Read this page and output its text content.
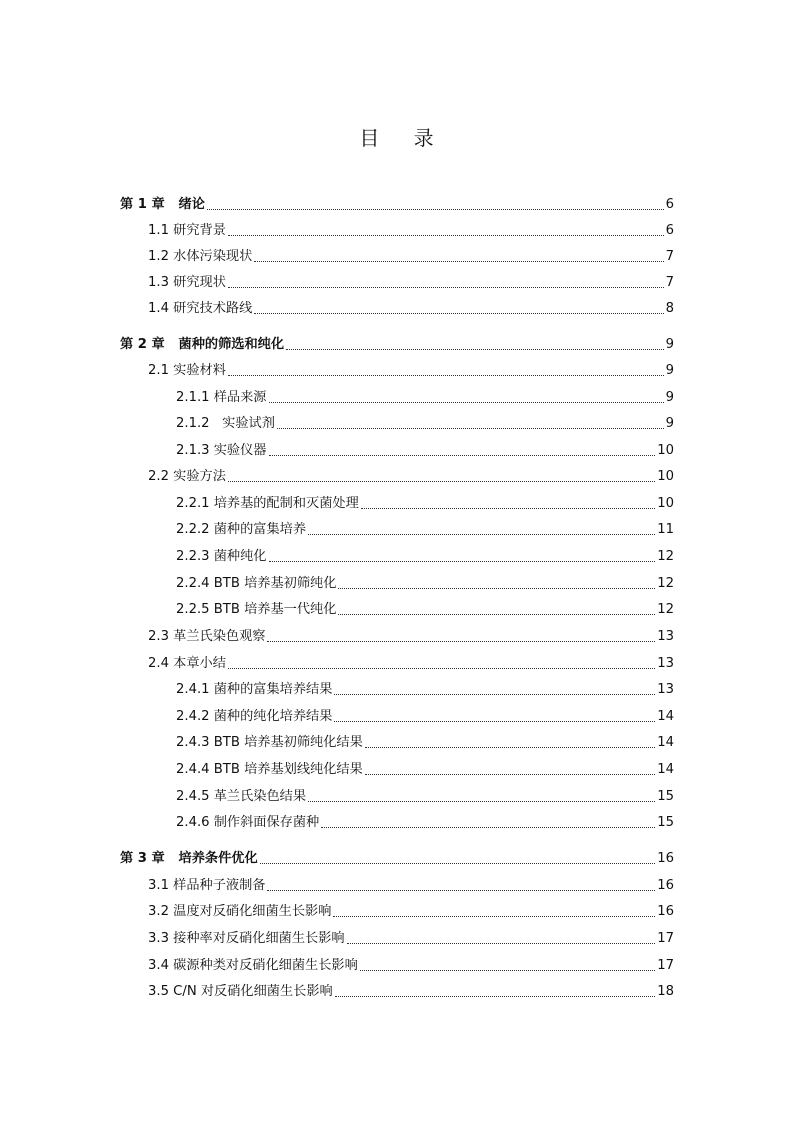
目 录
第 1 章   绪论	6
1.1 研究背景	6
1.2 水体污染现状	7
1.3 研究现状	7
1.4 研究技术路线	8
第 2 章   菌种的筛选和纯化	9
2.1 实验材料	9
2.1.1 样品来源	9
2.1.2   实验试剂	9
2.1.3 实验仪器	10
2.2 实验方法	10
2.2.1 培养基的配制和灭菌处理	10
2.2.2 菌种的富集培养	11
2.2.3 菌种纯化	12
2.2.4 BTB 培养基初筛纯化	12
2.2.5 BTB 培养基一代纯化	12
2.3 革兰氏染色观察	13
2.4 本章小结	13
2.4.1 菌种的富集培养结果	13
2.4.2 菌种的纯化培养结果	14
2.4.3 BTB 培养基初筛纯化结果	14
2.4.4 BTB 培养基划线纯化结果	14
2.4.5 革兰氏染色结果	15
2.4.6 制作斜面保存菌种	15
第 3 章   培养条件优化	16
3.1 样品种子液制备	16
3.2 温度对反硝化细菌生长影响	16
3.3 接种率对反硝化细菌生长影响	17
3.4 碳源种类对反硝化细菌生长影响	17
3.5 C/N 对反硝化细菌生长影响	18
